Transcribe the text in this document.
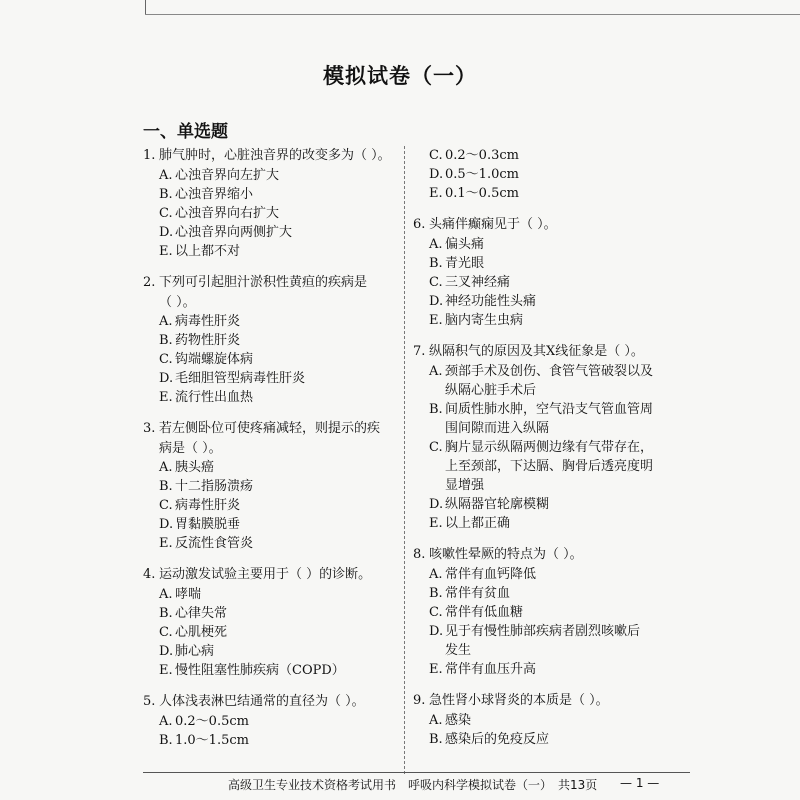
模拟试卷（一）
一、单选题
1. 肺气肿时，心脏浊音界的改变多为（ ）。
A. 心浊音界向左扩大
B. 心浊音界缩小
C. 心浊音界向右扩大
D. 心浊音界向两侧扩大
E. 以上都不对
2. 下列可引起胆汁淤积性黄疸的疾病是
（ ）。
A. 病毒性肝炎
B. 药物性肝炎
C. 钩端螺旋体病
D. 毛细胆管型病毒性肝炎
E. 流行性出血热
3. 若左侧卧位可使疼痛减轻，则提示的疾
病是（ ）。
A. 胰头癌
B. 十二指肠溃疡
C. 病毒性肝炎
D. 胃黏膜脱垂
E. 反流性食管炎
4. 运动激发试验主要用于（ ）的诊断。
A. 哮喘
B. 心律失常
C. 心肌梗死
D. 肺心病
E. 慢性阻塞性肺疾病（COPD）
5. 人体浅表淋巴结通常的直径为（ ）。
A. 0.2～0.5cm
B. 1.0～1.5cm
C. 0.2～0.3cm
D. 0.5～1.0cm
E. 0.1～0.5cm
6. 头痛伴癫痫见于（ ）。
A. 偏头痛
B. 青光眼
C. 三叉神经痛
D. 神经功能性头痛
E. 脑内寄生虫病
7. 纵隔积气的原因及其X线征象是（ ）。
A. 颈部手术及创伤、食管气管破裂以及
纵隔心脏手术后
B. 间质性肺水肿，空气沿支气管血管周
围间隙而进入纵隔
C. 胸片显示纵隔两侧边缘有气带存在，
上至颈部，下达膈、胸骨后透亮度明
显增强
D. 纵隔器官轮廓模糊
E. 以上都正确
8. 咳嗽性晕厥的特点为（ ）。
A. 常伴有血钙降低
B. 常伴有贫血
C. 常伴有低血糖
D. 见于有慢性肺部疾病者剧烈咳嗽后
发生
E. 常伴有血压升高
9. 急性肾小球肾炎的本质是（ ）。
A. 感染
B. 感染后的免疫反应
高级卫生专业技术资格考试用书　呼吸内科学模拟试卷（一）　共13页 — 1 —
